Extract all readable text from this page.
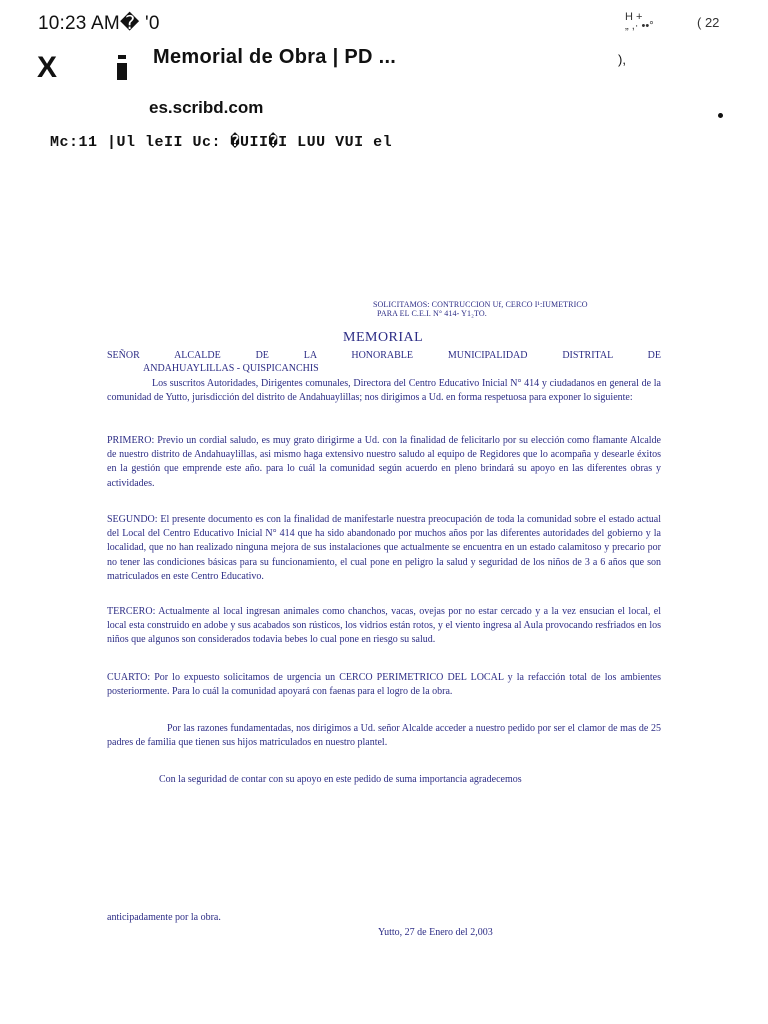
10:23 AM� '0	H +
„ ,· ••°	( 22
X	Memorial de Obra | PD ...	),
es.scribd.com
Mc:11 |Ul leII Uc: �UII�I LUU VUI el
SOLICITAMOS: CONTRUCCION Uf, CERCO I¹:IUMETRICO
PARA EL C.E.I. N° 414- Y1₂TO.
MEMORIAL
SEÑOR ALCALDE DE LA HONORABLE MUNICIPALIDAD DISTRITAL DE
ANDAHUAYLILLAS - QUISPICANCHIS
Los suscritos Autoridades, Dirigentes comunales, Directora del Centro Educativo Inicial N° 414 y ciudadanos en general de la comunidad de Yutto, jurisdicción del distrito de Andahuaylillas; nos dirigimos a Ud. en forma respetuosa para exponer lo siguiente:
PRIMERO: Previo un cordial saludo, es muy grato dirigirme a Ud. con la finalidad de felicitarlo por su elección como flamante Alcalde de nuestro distrito de Andahuaylillas, asi mismo haga extensivo nuestro saludo al equipo de Regidores que lo acompaña y desearle éxitos en la gestión que emprende este año. para lo cuál la comunidad según acuerdo en pleno brindará su apoyo en las diferentes obras y actividades.
SEGUNDO: El presente documento es con la finalidad de manifestarle nuestra preocupación de toda la comunidad sobre el estado actual del Local del Centro Educativo Inicial N° 414 que ha sido abandonado por muchos años por las diferentes autoridades del gobierno y la localidad, que no han realizado ninguna mejora de sus instalaciones que actualmente se encuentra en un estado calamitoso y precario por no tener las condiciones básicas para su funcionamiento, el cual pone en peligro la salud y seguridad de los niños de 3 a 6 años que son matriculados en este Centro Educativo.
TERCERO: Actualmente al local ingresan animales como chanchos, vacas, ovejas por no estar cercado y a la vez ensucian el local, el local esta construido en adobe y sus acabados son rústicos, los vidrios están rotos, y el viento ingresa al Aula provocando resfriados en los niños que algunos son considerados todavia bebes lo cual pone en riesgo su salud.
CUARTO: Por lo expuesto solicitamos de urgencia un CERCO PERIMETRICO DEL LOCAL y la refacción total de los ambientes posteriormente. Para lo cuál la comunidad apoyará con faenas para el logro de la obra.
Por las razones fundamentadas, nos dirigimos a Ud. señor Alcalde acceder a nuestro pedido por ser el clamor de mas de 25 padres de familia que tienen sus hijos matriculados en nuestro plantel.
Con la seguridad de contar con su apoyo en este pedido de suma importancia agradecemos
anticipadamente por la obra.
Yutto, 27 de Enero del 2,003
